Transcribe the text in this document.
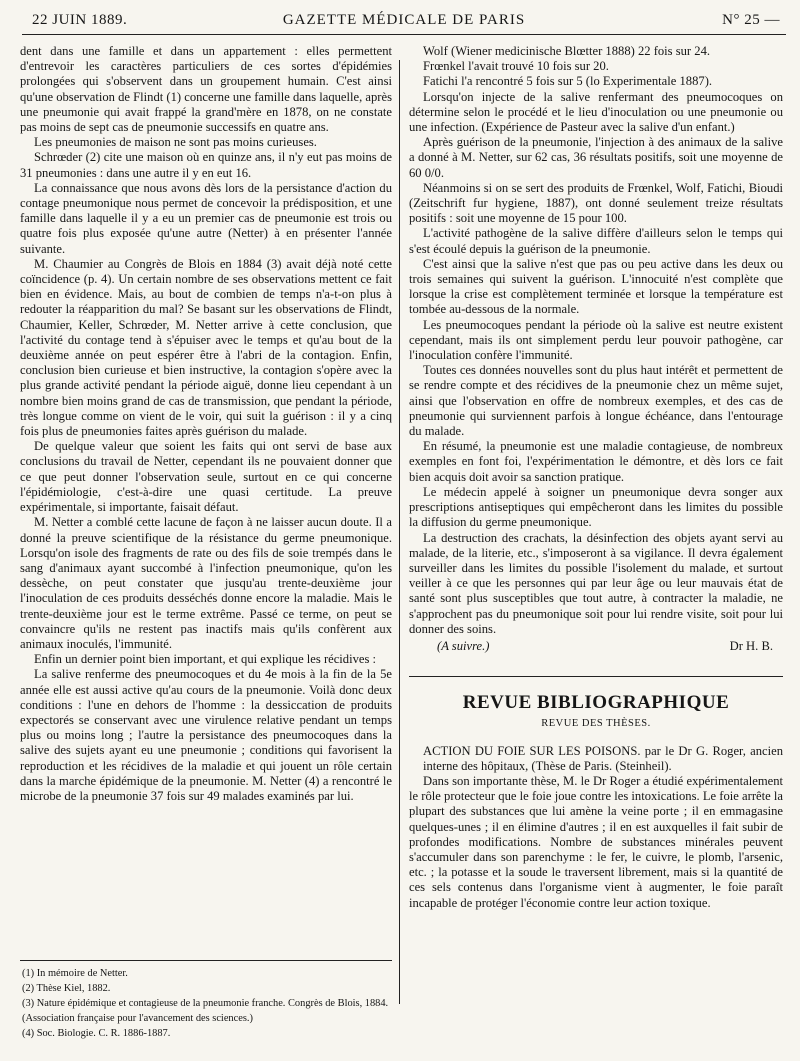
22 JUIN 1889.	GAZETTE MÉDICALE DE PARIS	N° 25 —

dent dans une famille et dans un appartement : elles permettent d'entrevoir les caractères particuliers de ces sortes d'épidémies prolongées qui s'observent dans un groupement humain. C'est ainsi qu'une observation de Flindt (1) concerne une famille dans laquelle, après une pneumonie qui avait frappé la grand'mère en 1878, on ne constate pas moins de sept cas de pneumonie successifs en quatre ans.

Les pneumonies de maison ne sont pas moins curieuses.

Schrœder (2) cite une maison où en quinze ans, il n'y eut pas moins de 31 pneumonies : dans une autre il y en eut 16.

La connaissance que nous avons dès lors de la persistance d'action du contage pneumonique nous permet de concevoir la prédisposition, et une famille dans laquelle il y a eu un premier cas de pneumonie est trois ou quatre fois plus exposée qu'une autre (Netter) à en présenter l'année suivante.

M. Chaumier au Congrès de Blois en 1884 (3) avait déjà noté cette coïncidence (p. 4). Un certain nombre de ses observations mettent ce fait bien en évidence. Mais, au bout de combien de temps n'a-t-on plus à redouter la réapparition du mal? Se basant sur les observations de Flindt, Chaumier, Keller, Schrœder, M. Netter arrive à cette conclusion, que l'activité du contage tend à s'épuiser avec le temps et qu'au bout de la deuxième année on peut espérer être à l'abri de la contagion. Enfin, conclusion bien curieuse et bien instructive, la contagion s'opère avec la plus grande activité pendant la période aiguë, donne lieu cependant à un nombre bien moins grand de cas de transmission, que pendant la période, très longue comme on vient de le voir, qui suit la guérison : il y a cinq fois plus de pneumonies faites après guérison du malade.

De quelque valeur que soient les faits qui ont servi de base aux conclusions du travail de Netter, cependant ils ne pouvaient donner que ce que peut donner l'observation seule, surtout en ce qui concerne l'épidémiologie, c'est-à-dire une quasi certitude. La preuve expérimentale, si importante, faisait défaut.

M. Netter a comblé cette lacune de façon à ne laisser aucun doute. Il a donné la preuve scientifique de la résistance du germe pneumonique. Lorsqu'on isole des fragments de rate ou des fils de soie trempés dans le sang d'animaux ayant succombé à l'infection pneumonique, qu'on les dessèche, on peut constater que jusqu'au trente-deuxième jour l'inoculation de ces produits desséchés donne encore la maladie. Mais le trente-deuxième jour est le terme extrême. Passé ce terme, on peut se convaincre qu'ils ne restent pas inactifs mais qu'ils confèrent aux animaux inoculés, l'immunité.

Enfin un dernier point bien important, et qui explique les récidives :

La salive renferme des pneumocoques et du 4e mois à la fin de la 5e année elle est aussi active qu'au cours de la pneumonie. Voilà donc deux conditions : l'une en dehors de l'homme : la dessiccation de produits expectorés se conservant avec une virulence relative pendant un temps plus ou moins long ; l'autre la persistance des pneumocoques dans la salive des sujets ayant eu une pneumonie ; conditions qui favorisent la reproduction et les récidives de la maladie et qui jouent un rôle certain dans la marche épidémique de la pneumonie. M. Netter (4) a rencontré le microbe de la pneumonie 37 fois sur 49 malades examinés par lui.

(1) In mémoire de Netter.

(2) Thèse Kiel, 1882.

(3) Nature épidémique et contagieuse de la pneumonie franche. Congrès de Blois, 1884. (Association française pour l'avancement des sciences.)

(4) Soc. Biologie. C. R. 1886-1887.

Wolf (Wiener medicinische Blœtter 1888) 22 fois sur 24.

Frœnkel l'avait trouvé 10 fois sur 20.

Fatichi l'a rencontré 5 fois sur 5 (lo Experimentale 1887).

Lorsqu'on injecte de la salive renfermant des pneumocoques on détermine selon le procédé et le lieu d'inoculation ou une pneumonie ou une infection. (Expérience de Pasteur avec la salive d'un enfant.)

Après guérison de la pneumonie, l'injection à des animaux de la salive a donné à M. Netter, sur 62 cas, 36 résultats positifs, soit une moyenne de 60 0/0.

Néanmoins si on se sert des produits de Frœnkel, Wolf, Fatichi, Bioudi (Zeitschrift fur hygiene, 1887), ont donné seulement treize résultats positifs : soit une moyenne de 15 pour 100.

L'activité pathogène de la salive diffère d'ailleurs selon le temps qui s'est écoulé depuis la guérison de la pneumonie.

C'est ainsi que la salive n'est que pas ou peu active dans les deux ou trois semaines qui suivent la guérison. L'innocuité n'est complète que lorsque la crise est complètement terminée et lorsque la température est tombée au-dessous de la normale.

Les pneumocoques pendant la période où la salive est neutre existent cependant, mais ils ont simplement perdu leur pouvoir pathogène, car l'inoculation confère l'immunité.

Toutes ces données nouvelles sont du plus haut intérêt et permettent de se rendre compte et des récidives de la pneumonie chez un même sujet, ainsi que l'observation en offre de nombreux exemples, et des cas de pneumonie qui surviennent parfois à longue échéance, dans l'entourage du malade.

En résumé, la pneumonie est une maladie contagieuse, de nombreux exemples en font foi, l'expérimentation le démontre, et dès lors ce fait bien acquis doit avoir sa sanction pratique.

Le médecin appelé à soigner un pneumonique devra songer aux prescriptions antiseptiques qui empêcheront dans les limites du possible la diffusion du germe pneumonique.

La destruction des crachats, la désinfection des objets ayant servi au malade, de la literie, etc., s'imposeront à sa vigilance. Il devra également surveiller dans les limites du possible l'isolement du malade, et surtout veiller à ce que les personnes qui par leur âge ou leur mauvais état de santé sont plus susceptibles que tout autre, à contracter la maladie, ne s'approchent pas du pneumonique soit pour lui rendre visite, soit pour lui donner des soins.

(A suivre.)	Dr H. B.
REVUE BIBLIOGRAPHIQUE
REVUE DES THÈSES.
ACTION DU FOIE SUR LES POISONS. par le Dr G. Roger, ancien interne des hôpitaux, (Thèse de Paris. (Steinheil).

Dans son importante thèse, M. le Dr Roger a étudié expérimentalement le rôle protecteur que le foie joue contre les intoxications. Le foie arrête la plupart des substances que lui amène la veine porte ; il en emmagasine quelques-unes ; il en élimine d'autres ; il en est auxquelles il fait subir de profondes modifications. Nombre de substances minérales peuvent s'accumuler dans son parenchyme : le fer, le cuivre, le plomb, l'arsenic, etc. ; la potasse et la soude le traversent librement, mais si la quantité de ces sels contenus dans l'organisme vient à augmenter, le foie paraît incapable de protéger l'économie contre leur action toxique.
